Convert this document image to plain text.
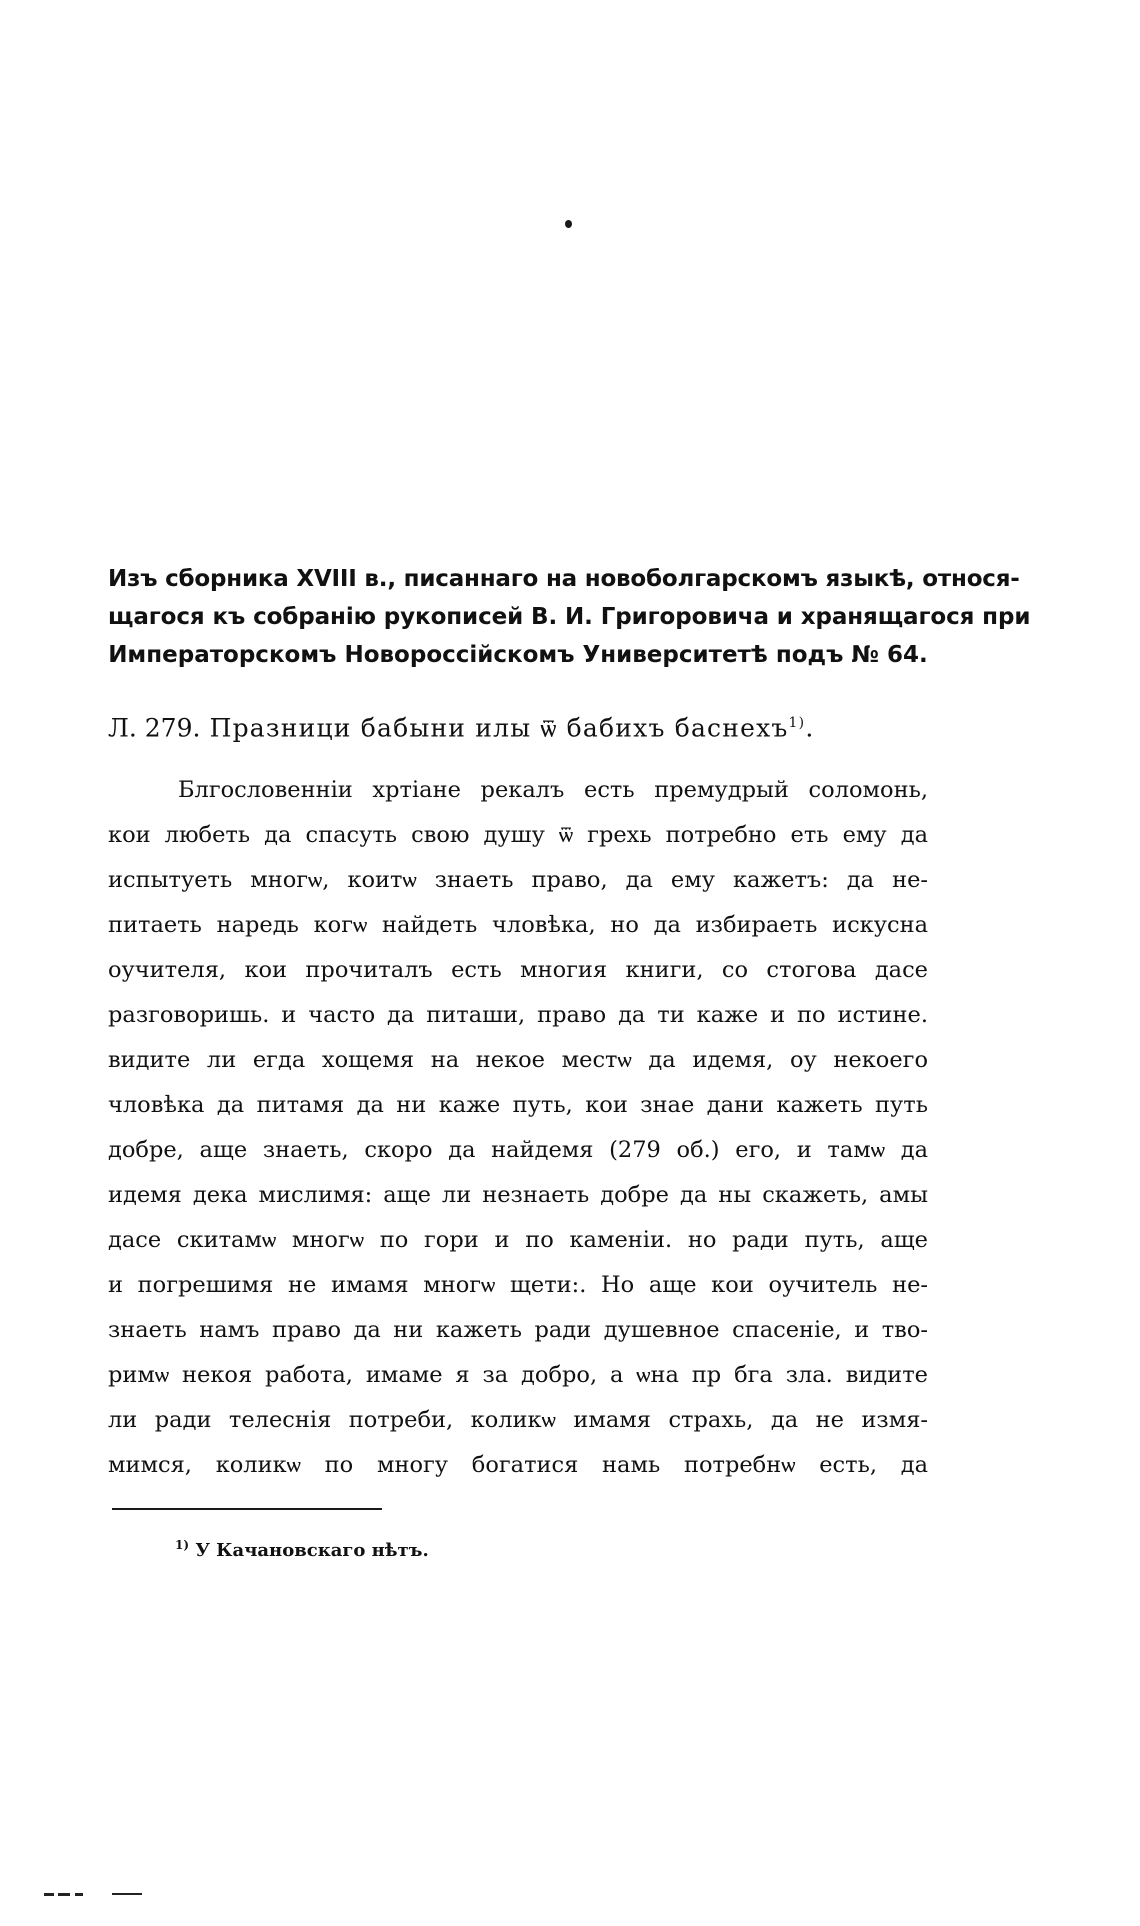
Изъ сборника XVIII в., писаннаго на новоболгарскомъ языкѣ, относя-
щагося къ собранію рукописей В. И. Григоровича и хранящагося при
Императорскомъ Новороссійскомъ Университетѣ подъ № 64.
Л. 279. Празници бабыни илы ѿ бабихъ баснехъ$^{1)}$.
Блгословенніи хртіане рекалъ есть премудрый соломонь,
кои любеть да спасуть свою душу ѿ грехь потребно еть ему да
испытуеть многѡ, коитѡ знаеть право, да ему кажетъ: да не-
питаеть наредь когѡ найдеть чловѣка, но да избираеть искусна
оучителя, кои прочиталъ есть многия книги, со стогова дасе
разговоришь. и часто да питаши, право да ти каже и по истине.
видите ли егда хощемя на некое местѡ да идемя, оу некоего
чловѣка да питамя да ни каже путь, кои знае дани кажеть путь
добре, аще знаеть, скоро да найдемя (279 об.) его, и тамѡ да
идемя дека мислимя: аще ли незнаеть добре да ны скажеть, амы
дасе скитамѡ многѡ по гори и по каменіи. но ради путь, аще
и погрешимя не имамя многѡ щети:. Но аще кои оучитель не-
знаеть намъ право да ни кажеть ради душевное спасеніе, и тво-
римѡ некоя работа, имаме я за добро, а ѡна пр бга зла. видите
ли ради телеснія потреби, коликѡ имамя страхь, да не измя-
мимся, коликѡ по многу богатися намь потребнѡ есть, да
$^{1)}$ У Качановскаго нѣтъ.
